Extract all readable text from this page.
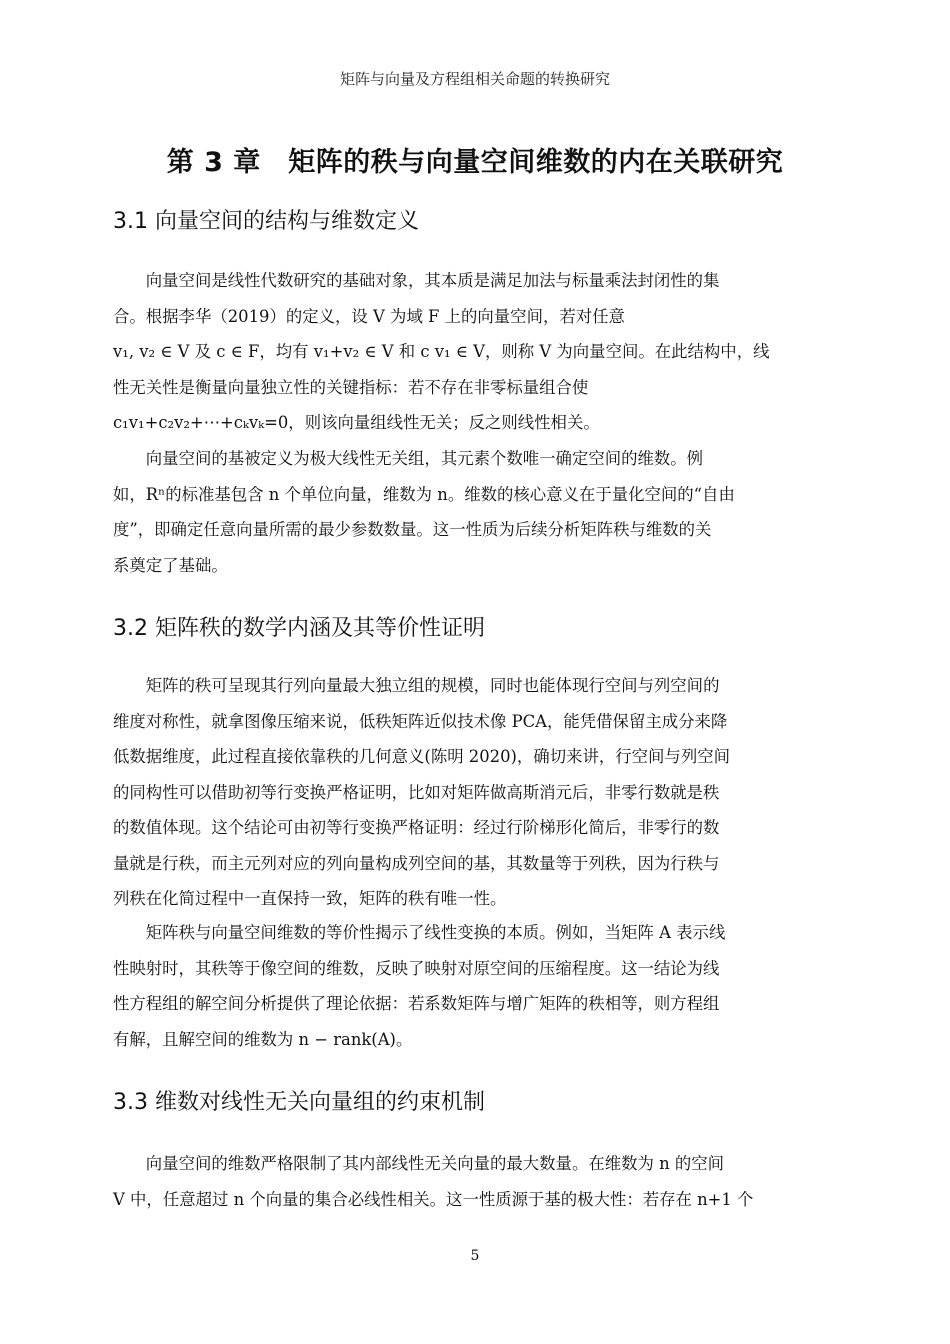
矩阵与向量及方程组相关命题的转换研究
第 3 章　矩阵的秩与向量空间维数的内在关联研究
3.1 向量空间的结构与维数定义
向量空间是线性代数研究的基础对象，其本质是满足加法与标量乘法封闭性的集
合。根据李华（2019）的定义，设 V 为域 F 上的向量空间，若对任意
v₁, v₂ ∈ V 及 c ∈ F，均有 v₁+v₂ ∈ V 和 c v₁ ∈ V，则称 V 为向量空间。在此结构中，线
性无关性是衡量向量独立性的关键指标：若不存在非零标量组合使
c₁v₁+c₂v₂+⋯+cₖvₖ=0，则该向量组线性无关；反之则线性相关。
向量空间的基被定义为极大线性无关组，其元素个数唯一确定空间的维数。例
如，Rⁿ的标准基包含 n 个单位向量，维数为 n。维数的核心意义在于量化空间的“自由
度”，即确定任意向量所需的最少参数数量。这一性质为后续分析矩阵秩与维数的关
系奠定了基础。
3.2 矩阵秩的数学内涵及其等价性证明
矩阵的秩可呈现其行列向量最大独立组的规模，同时也能体现行空间与列空间的
维度对称性，就拿图像压缩来说，低秩矩阵近似技术像 PCA，能凭借保留主成分来降
低数据维度，此过程直接依靠秩的几何意义(陈明 2020)，确切来讲，行空间与列空间
的同构性可以借助初等行变换严格证明，比如对矩阵做高斯消元后，非零行数就是秩
的数值体现。这个结论可由初等行变换严格证明：经过行阶梯形化简后，非零行的数
量就是行秩，而主元列对应的列向量构成列空间的基，其数量等于列秩，因为行秩与
列秩在化简过程中一直保持一致，矩阵的秩有唯一性。
矩阵秩与向量空间维数的等价性揭示了线性变换的本质。例如，当矩阵 A 表示线
性映射时，其秩等于像空间的维数，反映了映射对原空间的压缩程度。这一结论为线
性方程组的解空间分析提供了理论依据：若系数矩阵与增广矩阵的秩相等，则方程组
有解，且解空间的维数为 n − rank(A)。
3.3 维数对线性无关向量组的约束机制
向量空间的维数严格限制了其内部线性无关向量的最大数量。在维数为 n 的空间
V 中，任意超过 n 个向量的集合必线性相关。这一性质源于基的极大性：若存在 n+1 个
5
